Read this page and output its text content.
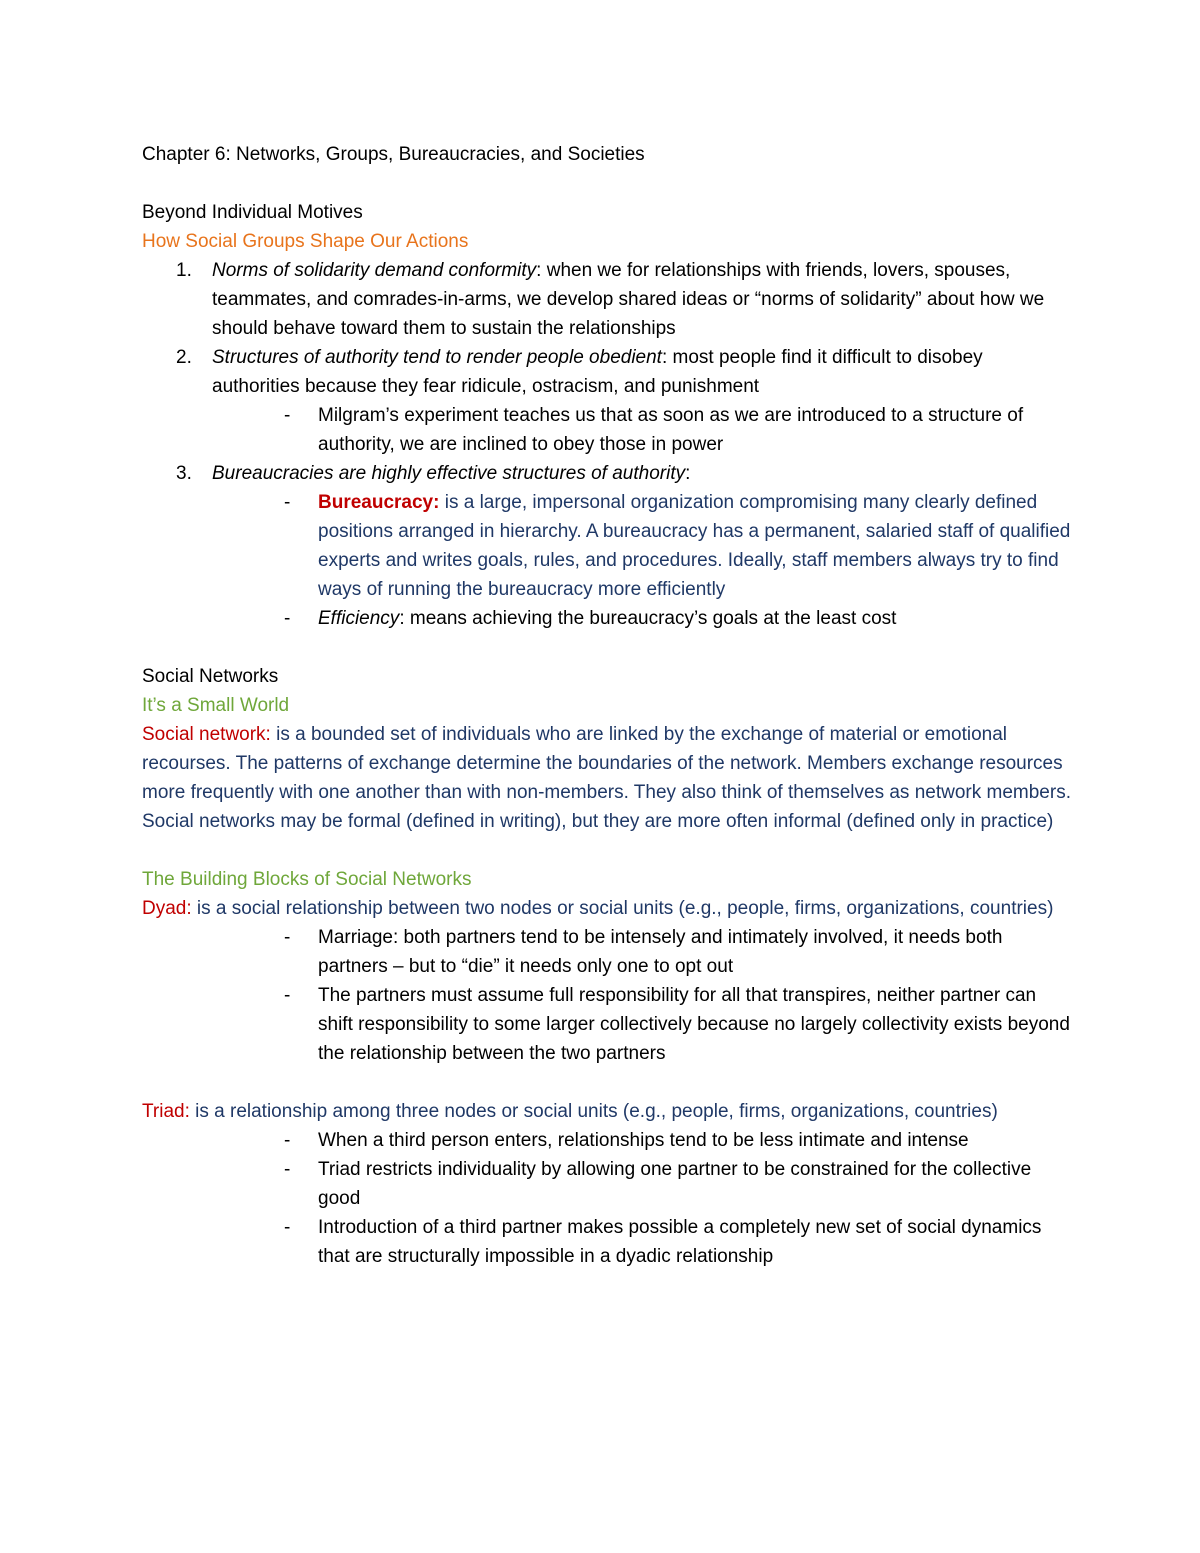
Chapter 6: Networks, Groups, Bureaucracies, and Societies

Beyond Individual Motives

How Social Groups Shape Our Actions

1. Norms of solidarity demand conformity: when we for relationships with friends, lovers, spouses, teammates, and comrades-in-arms, we develop shared ideas or “norms of solidarity” about how we should behave toward them to sustain the relationships
2. Structures of authority tend to render people obedient: most people find it difficult to disobey authorities because they fear ridicule, ostracism, and punishment
- Milgram’s experiment teaches us that as soon as we are introduced to a structure of authority, we are inclined to obey those in power
3. Bureaucracies are highly effective structures of authority:
- Bureaucracy: is a large, impersonal organization compromising many clearly defined positions arranged in hierarchy. A bureaucracy has a permanent, salaried staff of qualified experts and writes goals, rules, and procedures. Ideally, staff members always try to find ways of running the bureaucracy more efficiently
- Efficiency: means achieving the bureaucracy’s goals at the least cost

Social Networks

It’s a Small World

Social network: is a bounded set of individuals who are linked by the exchange of material or emotional recourses. The patterns of exchange determine the boundaries of the network. Members exchange resources more frequently with one another than with non-members. They also think of themselves as network members. Social networks may be formal (defined in writing), but they are more often informal (defined only in practice)

The Building Blocks of Social Networks

Dyad: is a social relationship between two nodes or social units (e.g., people, firms, organizations, countries)

- Marriage: both partners tend to be intensely and intimately involved, it needs both partners – but to “die” it needs only one to opt out
- The partners must assume full responsibility for all that transpires, neither partner can shift responsibility to some larger collectively because no largely collectivity exists beyond the relationship between the two partners

Triad: is a relationship among three nodes or social units (e.g., people, firms, organizations, countries)

- When a third person enters, relationships tend to be less intimate and intense
- Triad restricts individuality by allowing one partner to be constrained for the collective good
- Introduction of a third partner makes possible a completely new set of social dynamics that are structurally impossible in a dyadic relationship
